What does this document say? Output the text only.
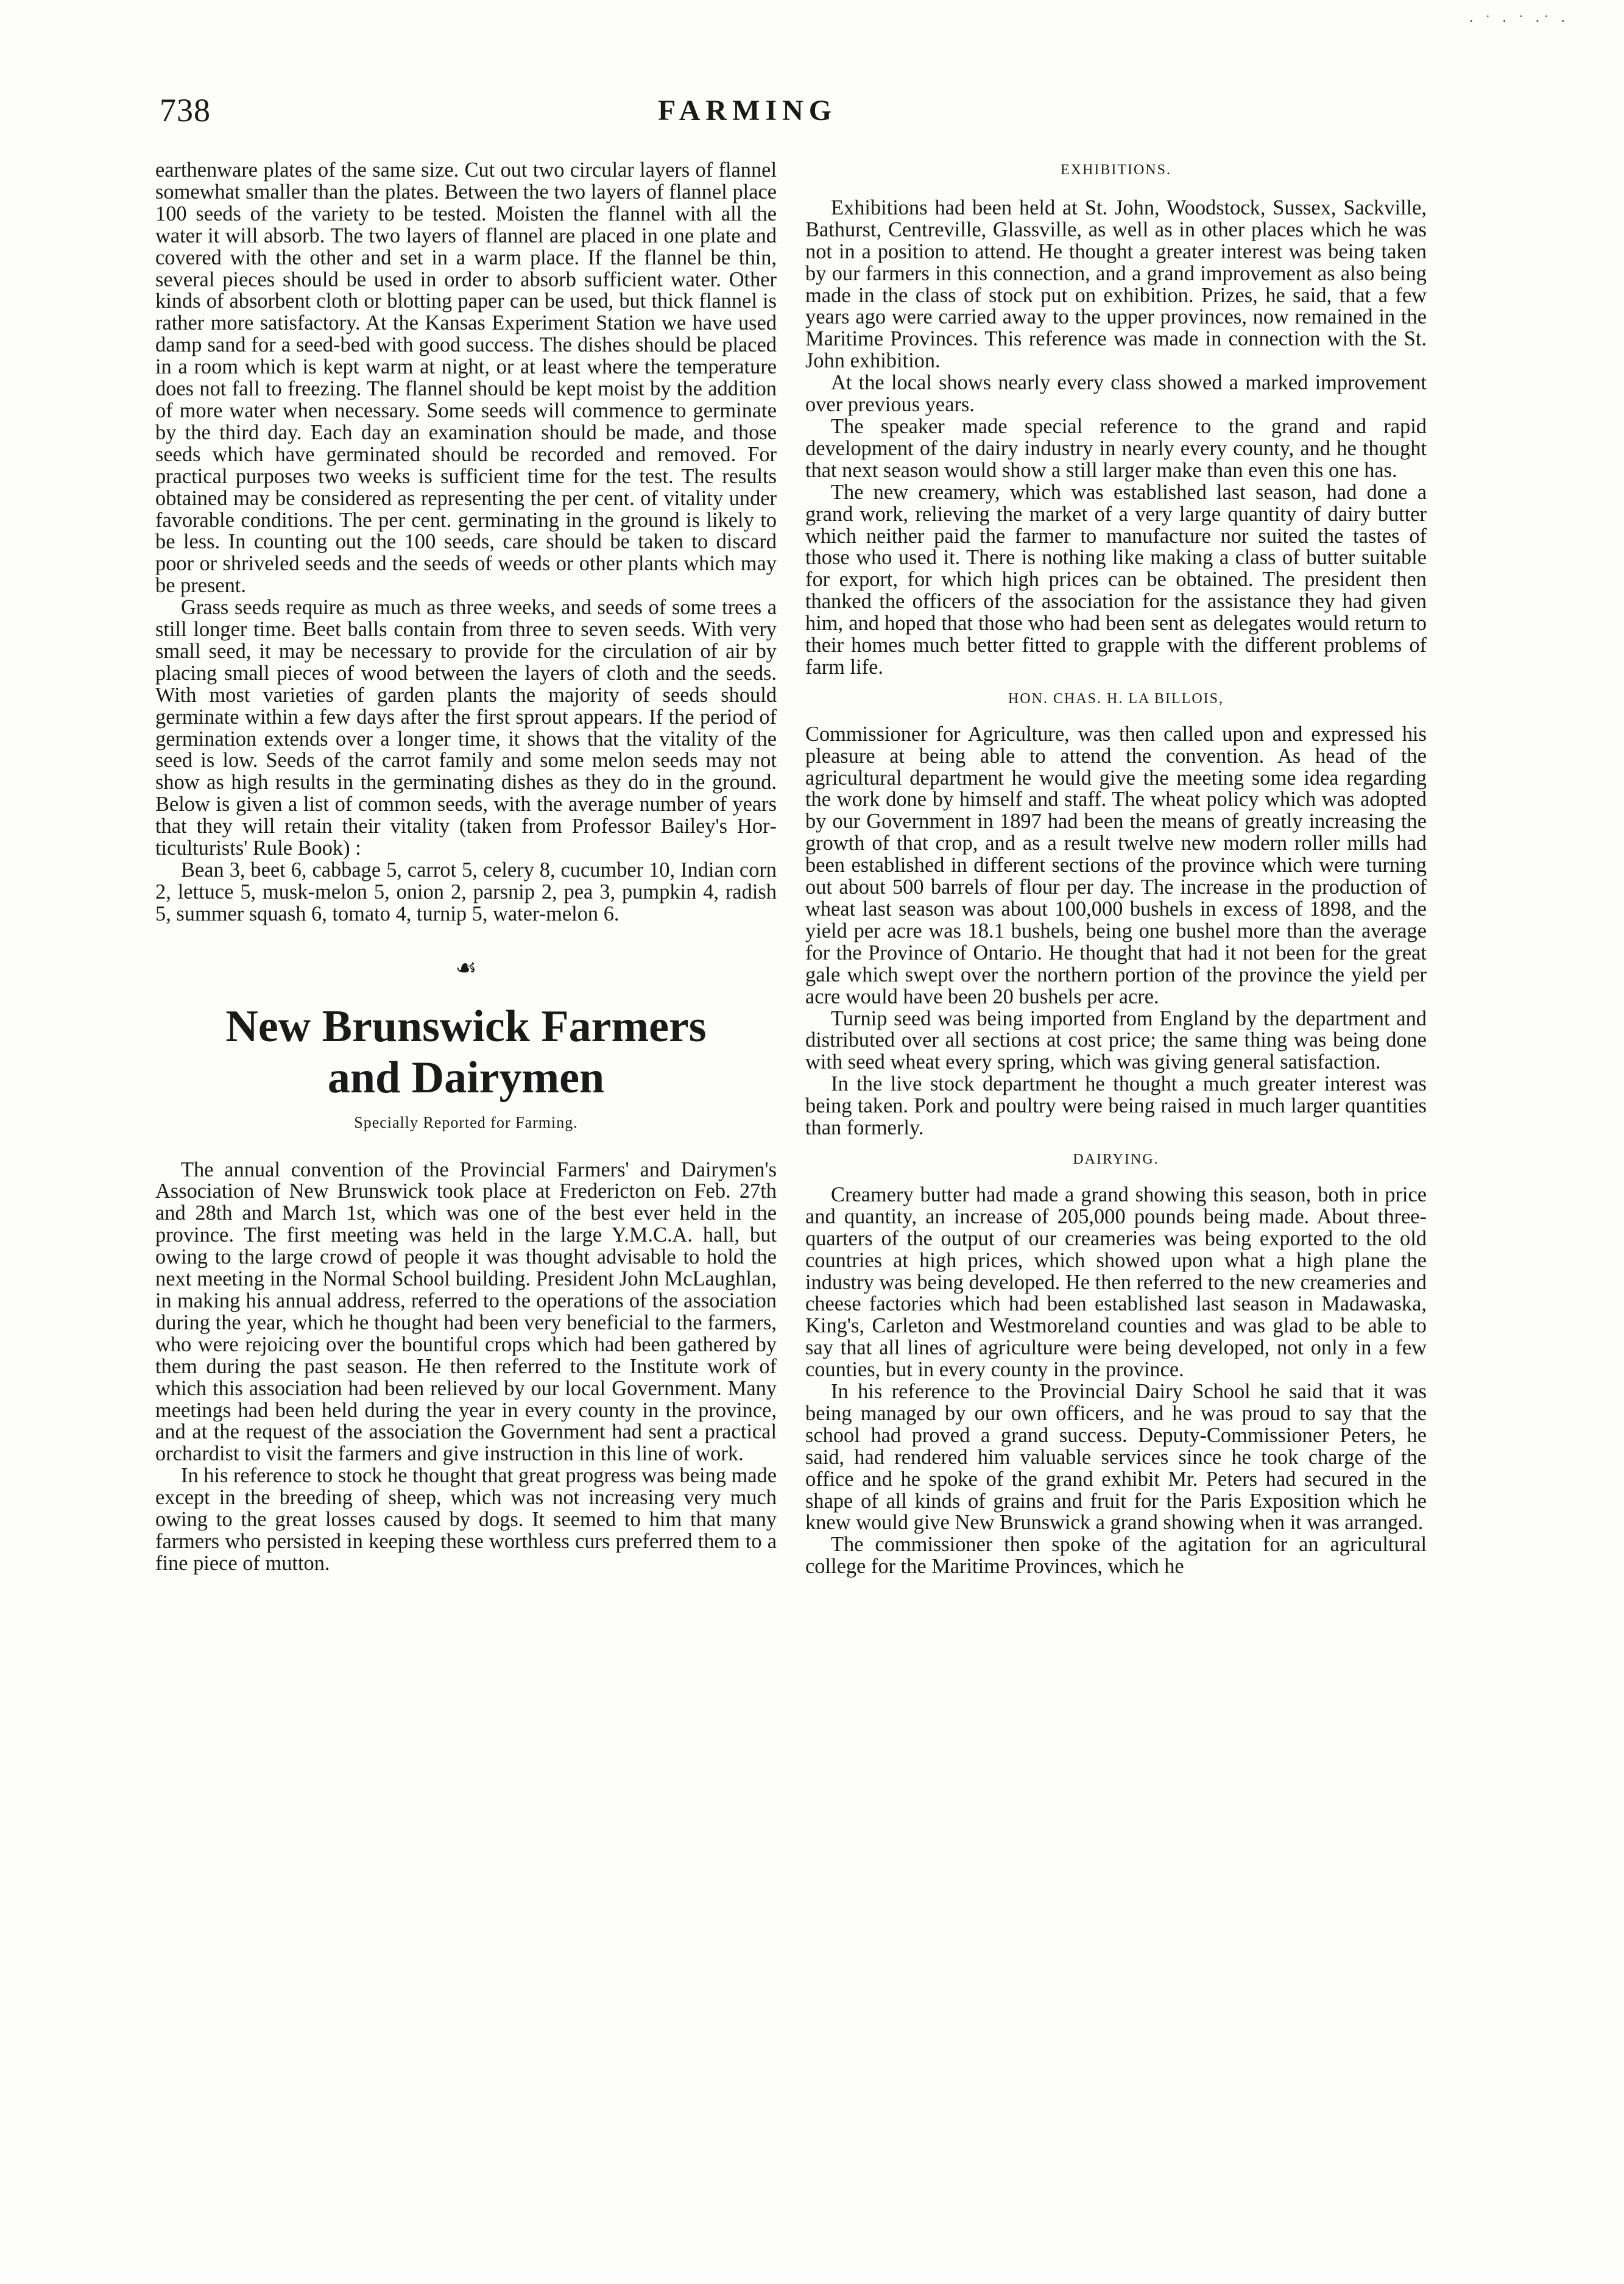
· ˙ · ˙ ·˙ ·
738	FARMING

earthenware plates of the same size. Cut out two circular layers of flannel somewhat smaller than the plates. Between the two layers of flannel place 100 seeds of the variety to be tested. Moisten the flannel with all the water it will absorb. The two layers of flannel are placed in one plate and covered with the other and set in a warm place. If the flannel be thin, several pieces should be used in order to absorb sufficient water. Other kinds of absorbent cloth or blotting paper can be used, but thick flannel is rather more satisfactory. At the Kansas Experiment Station we have used damp sand for a seed-bed with good success. The dishes should be placed in a room which is kept warm at night, or at least where the temperature does not fall to freezing. The flannel should be kept moist by the addition of more water when necessary. Some seeds will commence to germinate by the third day. Each day an examination should be made, and those seeds which have germinated should be recorded and removed. For practical purposes two weeks is sufficient time for the test. The results obtained may be considered as representing the per cent. of vitality under favorable conditions. The per cent. germinating in the ground is likely to be less. In counting out the 100 seeds, care should be taken to discard poor or shriveled seeds and the seeds of weeds or other plants which may be present.

Grass seeds require as much as three weeks, and seeds of some trees a still longer time. Beet balls contain from three to seven seeds. With very small seed, it may be necessary to provide for the circulation of air by placing small pieces of wood between the layers of cloth and the seeds. With most varieties of garden plants the majority of seeds should germinate within a few days after the first sprout appears. If the period of germination extends over a longer time, it shows that the vitality of the seed is low. Seeds of the carrot family and some melon seeds may not show as high results in the germinating dishes as they do in the ground. Below is given a list of common seeds, with the average number of years that they will retain their vitality (taken from Professor Bailey's Horticulturists' Rule Book) :

Bean 3, beet 6, cabbage 5, carrot 5, celery 8, cucumber 10, Indian corn 2, lettuce 5, musk-melon 5, onion 2, parsnip 2, pea 3, pumpkin 4, radish 5, summer squash 6, tomato 4, turnip 5, water-melon 6.

☙
New Brunswick Farmers
and Dairymen
Specially Reported for Farming.

The annual convention of the Provincial Farmers' and Dairymen's Association of New Brunswick took place at Fredericton on Feb. 27th and 28th and March 1st, which was one of the best ever held in the province. The first meeting was held in the large Y.M.C.A. hall, but owing to the large crowd of people it was thought advisable to hold the next meeting in the Normal School building. President John McLaughlan, in making his annual address, referred to the operations of the association during the year, which he thought had been very beneficial to the farmers, who were rejoicing over the bountiful crops which had been gathered by them during the past season. He then referred to the Institute work of which this association had been relieved by our local Government. Many meetings had been held during the year in every county in the province, and at the request of the association the Government had sent a practical orchardist to visit the farmers and give instruction in this line of work.

In his reference to stock he thought that great progress was being made except in the breeding of sheep, which was not increasing very much owing to the great losses caused by dogs. It seemed to him that many farmers who persisted in keeping these worthless curs preferred them to a fine piece of mutton.

EXHIBITIONS.

Exhibitions had been held at St. John, Woodstock, Sussex, Sackville, Bathurst, Centreville, Glassville, as well as in other places which he was not in a position to attend. He thought a greater interest was being taken by our farmers in this connection, and a grand improvement as also being made in the class of stock put on exhibition. Prizes, he said, that a few years ago were carried away to the upper provinces, now remained in the Maritime Provinces. This reference was made in connection with the St. John exhibition.

At the local shows nearly every class showed a marked improvement over previous years.

The speaker made special reference to the grand and rapid development of the dairy industry in nearly every county, and he thought that next season would show a still larger make than even this one has.

The new creamery, which was established last season, had done a grand work, relieving the market of a very large quantity of dairy butter which neither paid the farmer to manufacture nor suited the tastes of those who used it. There is nothing like making a class of butter suitable for export, for which high prices can be obtained. The president then thanked the officers of the association for the assistance they had given him, and hoped that those who had been sent as delegates would return to their homes much better fitted to grapple with the different problems of farm life.

HON. CHAS. H. LA BILLOIS,

Commissioner for Agriculture, was then called upon and expressed his pleasure at being able to attend the convention. As head of the agricultural department he would give the meeting some idea regarding the work done by himself and staff. The wheat policy which was adopted by our Government in 1897 had been the means of greatly increasing the growth of that crop, and as a result twelve new modern roller mills had been established in different sections of the province which were turning out about 500 barrels of flour per day. The increase in the production of wheat last season was about 100,000 bushels in excess of 1898, and the yield per acre was 18.1 bushels, being one bushel more than the average for the Province of Ontario. He thought that had it not been for the great gale which swept over the northern portion of the province the yield per acre would have been 20 bushels per acre.

Turnip seed was being imported from England by the department and distributed over all sections at cost price; the same thing was being done with seed wheat every spring, which was giving general satisfaction.

In the live stock department he thought a much greater interest was being taken. Pork and poultry were being raised in much larger quantities than formerly.

DAIRYING.

Creamery butter had made a grand showing this season, both in price and quantity, an increase of 205,000 pounds being made. About three-quarters of the output of our creameries was being exported to the old countries at high prices, which showed upon what a high plane the industry was being developed. He then referred to the new creameries and cheese factories which had been established last season in Madawaska, King's, Carleton and Westmoreland counties and was glad to be able to say that all lines of agriculture were being developed, not only in a few counties, but in every county in the province.

In his reference to the Provincial Dairy School he said that it was being managed by our own officers, and he was proud to say that the school had proved a grand success. Deputy-Commissioner Peters, he said, had rendered him valuable services since he took charge of the office and he spoke of the grand exhibit Mr. Peters had secured in the shape of all kinds of grains and fruit for the Paris Exposition which he knew would give New Brunswick a grand showing when it was arranged.

The commissioner then spoke of the agitation for an agricultural college for the Maritime Provinces, which he
